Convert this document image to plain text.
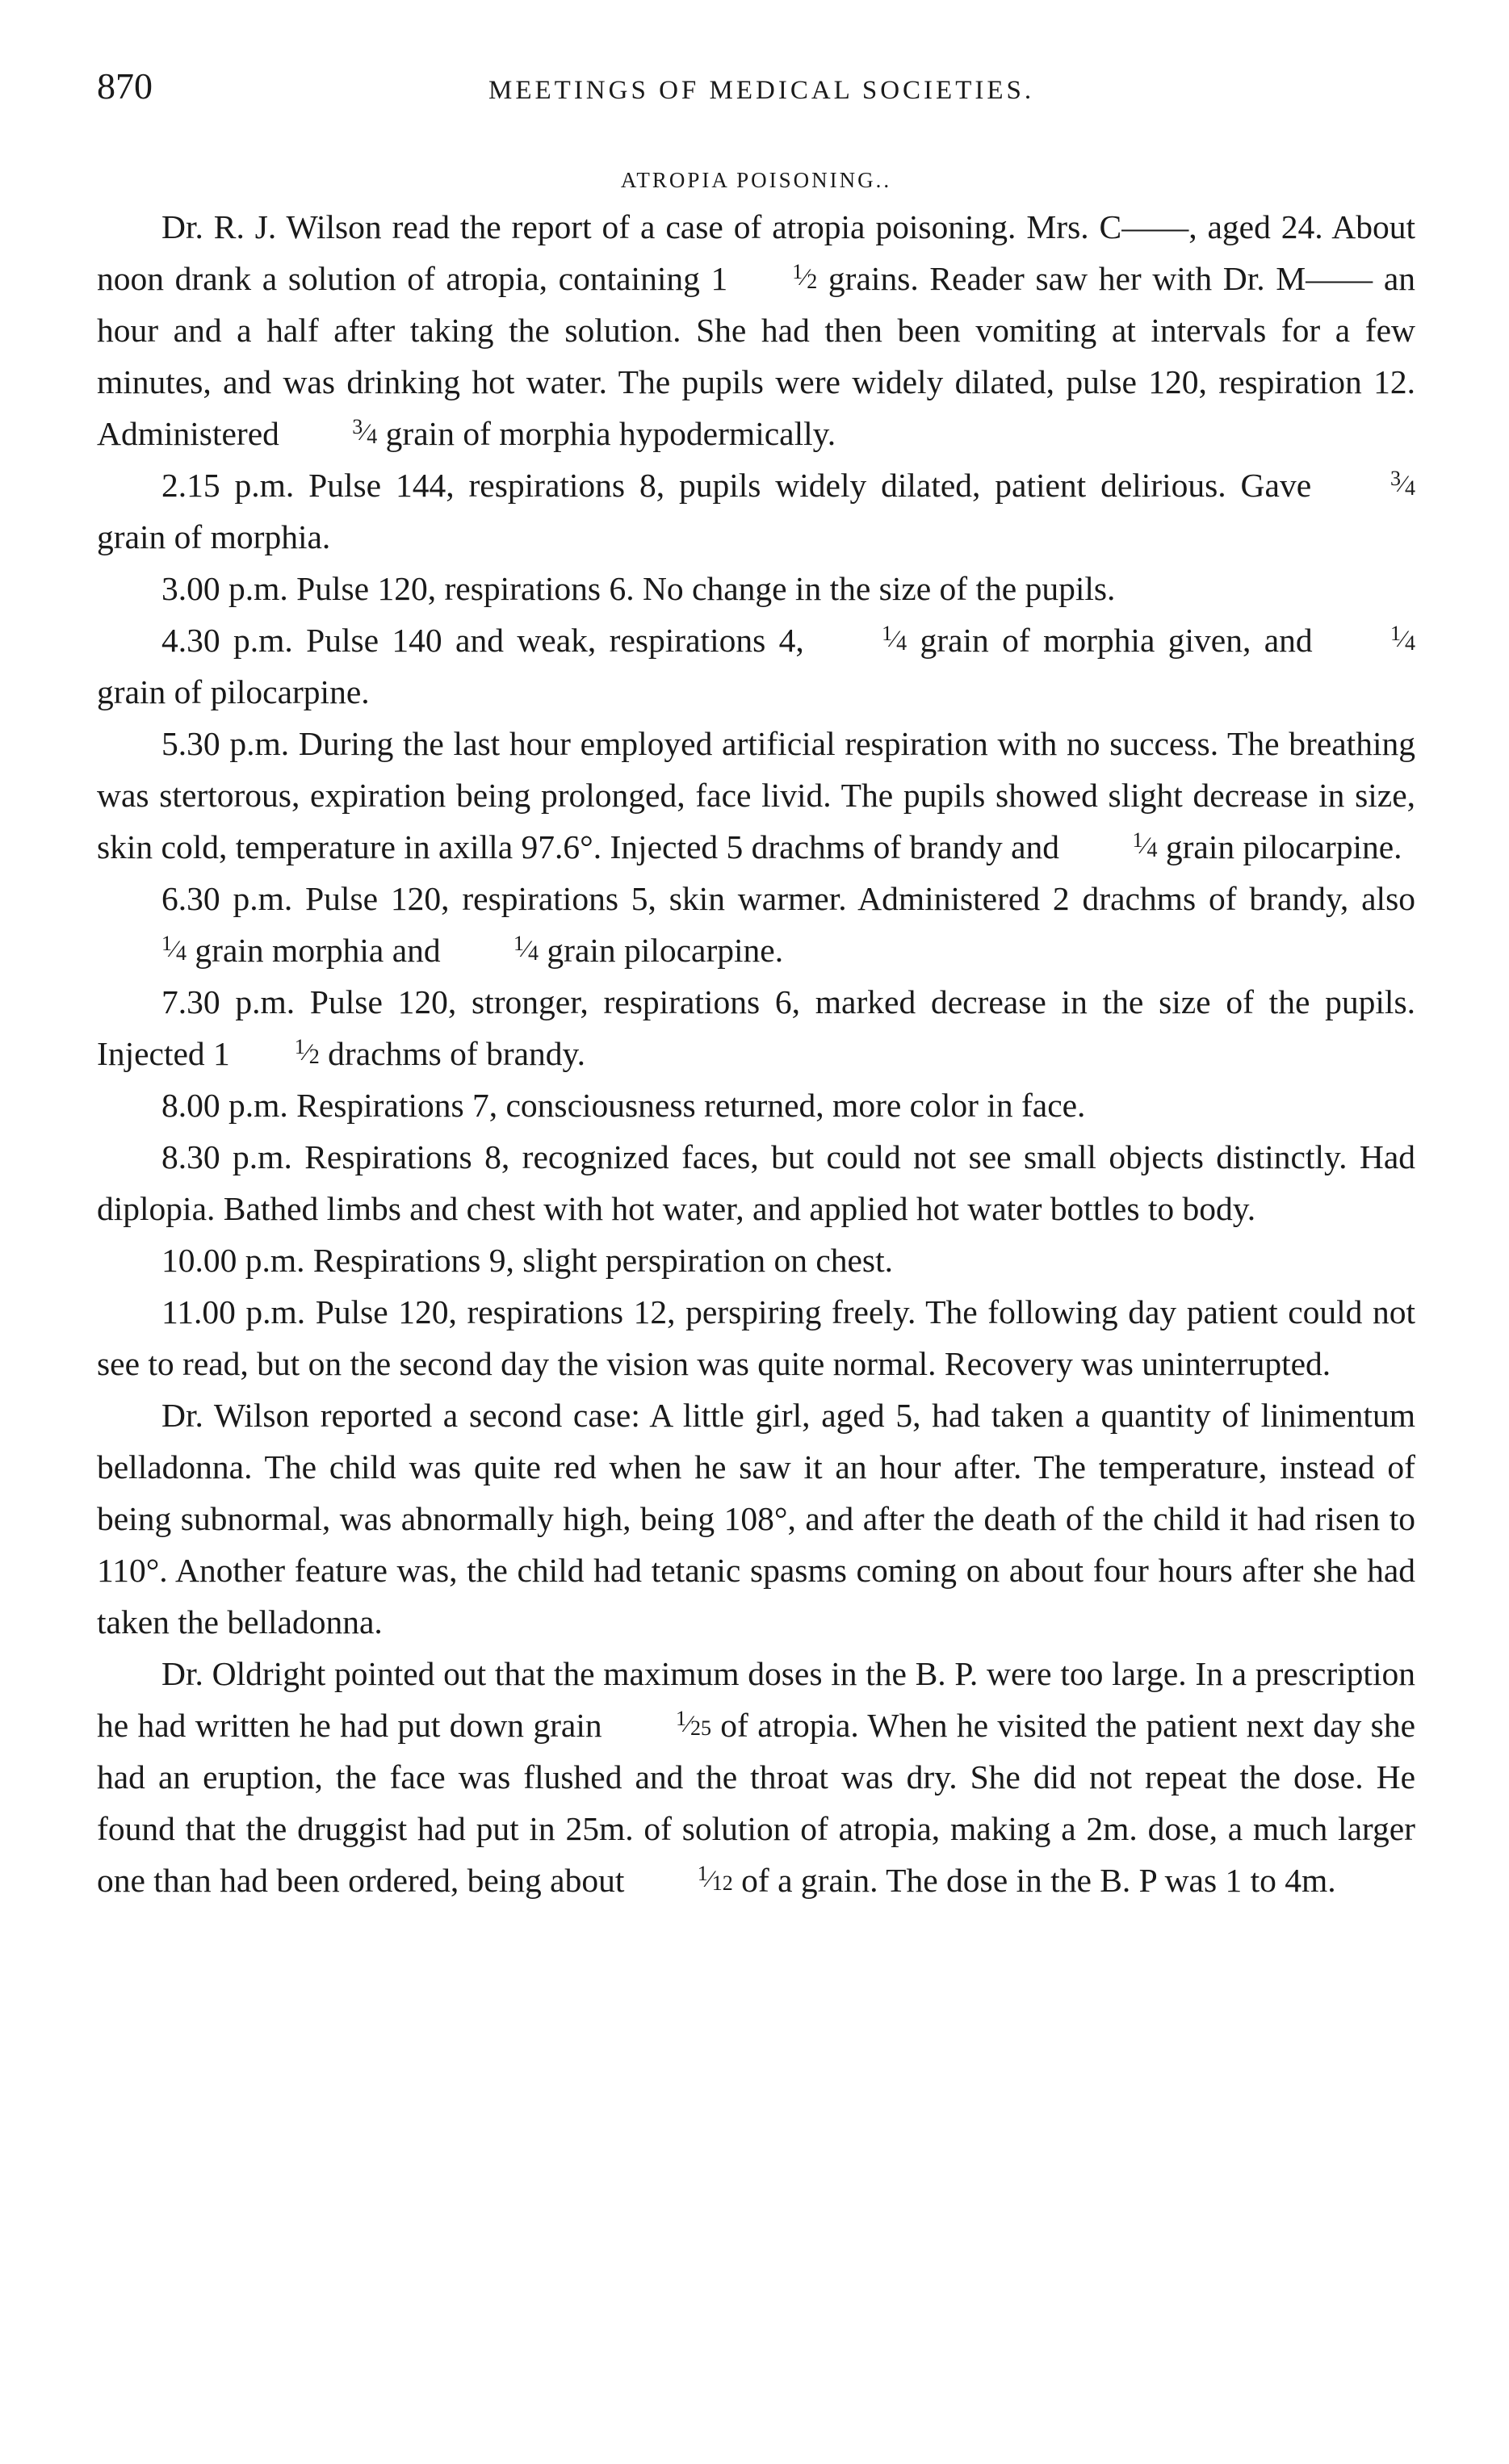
870	MEETINGS OF MEDICAL SOCIETIES.
ATROPIA POISONING..

Dr. R. J. Wilson read the report of a case of atropia poisoning. Mrs. C——, aged 24. About noon drank a solution of atropia, containing 1	1⁄2 grains. Reader saw her with Dr. M—— an hour and a half after taking the solution. She had then been vomiting at intervals for a few minutes, and was drinking hot water. The pupils were widely dilated, pulse 120, respiration 12. Administered	3⁄4 grain of morphia hypodermically.

2.15 p.m. Pulse 144, respirations 8, pupils widely dilated, patient delirious. Gave	3⁄4 grain of morphia.

3.00 p.m. Pulse 120, respirations 6. No change in the size of the pupils.

4.30 p.m. Pulse 140 and weak, respirations 4,	1⁄4 grain of morphia given, and	1⁄4 grain of pilocarpine.

5.30 p.m. During the last hour employed artificial respiration with no success. The breathing was stertorous, expiration being prolonged, face livid. The pupils showed slight decrease in size, skin cold, temperature in axilla 97.6°. Injected 5 drachms of brandy and	1⁄4 grain pilocarpine.

6.30 p.m. Pulse 120, respirations 5, skin warmer. Administered 2 drachms of brandy, also 1⁄4 grain morphia and	1⁄4 grain pilocarpine.

7.30 p.m. Pulse 120, stronger, respirations 6, marked decrease in the size of the pupils. Injected 1	1⁄2 drachms of brandy.

8.00 p.m. Respirations 7, consciousness returned, more color in face.

8.30 p.m. Respirations 8, recognized faces, but could not see small objects distinctly. Had diplopia. Bathed limbs and chest with hot water, and applied hot water bottles to body.

10.00 p.m. Respirations 9, slight perspiration on chest.

11.00 p.m. Pulse 120, respirations 12, perspiring freely. The following day patient could not see to read, but on the second day the vision was quite normal. Recovery was uninterrupted.

Dr. Wilson reported a second case: A little girl, aged 5, had taken a quantity of linimentum belladonna. The child was quite red when he saw it an hour after. The temperature, instead of being subnormal, was abnormally high, being 108°, and after the death of the child it had risen to 110°. Another feature was, the child had tetanic spasms coming on about four hours after she had taken the belladonna.

Dr. Oldright pointed out that the maximum doses in the B. P. were too large. In a prescription he had written he had put down grain	1⁄25 of atropia. When he visited the patient next day she had an eruption, the face was flushed and the throat was dry. She did not repeat the dose. He found that the druggist had put in 25m. of solution of atropia, making a 2m. dose, a much larger one than had been ordered, being about	1⁄12 of a grain. The dose in the B. P was 1 to 4m.
